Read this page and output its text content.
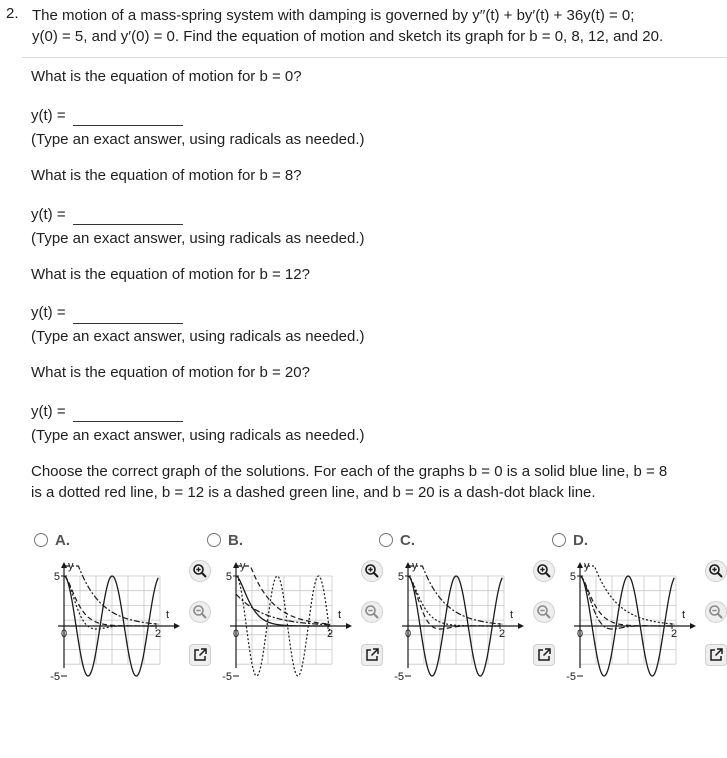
2. The motion of a mass-spring system with damping is governed by y′′(t) + by′(t) + 36y(t) = 0;
y(0) = 5, and y′(0) = 0. Find the equation of motion and sketch its graph for b = 0, 8, 12, and 20.
What is the equation of motion for b = 0?
y(t) =
(Type an exact answer, using radicals as needed.)
What is the equation of motion for b = 8?
y(t) =
(Type an exact answer, using radicals as needed.)
What is the equation of motion for b = 12?
y(t) =
(Type an exact answer, using radicals as needed.)
What is the equation of motion for b = 20?
y(t) =
(Type an exact answer, using radicals as needed.)
Choose the correct graph of the solutions. For each of the graphs b = 0 is a solid blue line, b = 8
is a dotted red line, b = 12 is a dashed green line, and b = 20 is a dash-dot black line.
A.	B.	C.	D.
y
t
5
-5
0	2
y
t
5
-5
0	2
y
t
5
-5
0	2
y
t
5
-5
0	2
